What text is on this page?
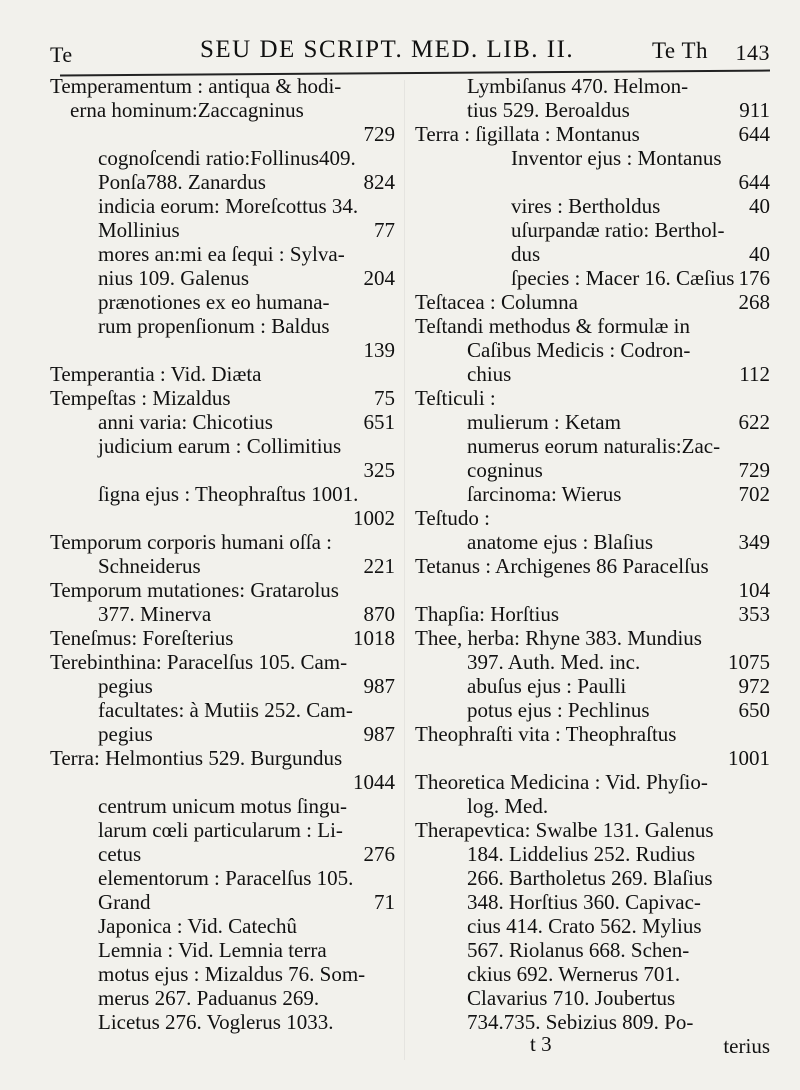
Te	SEU DE SCRIPT. MED. LIB. II.	Te Th 143
Temperamentum : antiqua & hodi-
erna hominum:Zaccagninus
729
cognoſcendi ratio:Follinus409.
Ponſa788. Zanardus	824
indicia eorum: Moreſcottus 34.
Mollinius	77
mores an:mi ea ſequi : Sylva-
nius 109. Galenus	204
prænotiones ex eo humana-
rum propenſionum : Baldus
139
Temperantia : Vid. Diæta
Tempeſtas : Mizaldus	75
anni varia: Chicotius	651
judicium earum : Collimitius
325
ſigna ejus : Theophraſtus 1001.
1002
Temporum corporis humani oſſa :
Schneiderus	221
Temporum mutationes: Gratarolus
377. Minerva	870
Teneſmus: Foreſterius	1018
Terebinthina: Paracelſus 105. Cam-
pegius	987
facultates: à Mutiis 252. Cam-
pegius	987
Terra: Helmontius 529. Burgundus
1044
centrum unicum motus ſingu-
larum cœli particularum : Li-
cetus	276
elementorum : Paracelſus 105.
Grand	71
Japonica : Vid. Catechû
Lemnia : Vid. Lemnia terra
motus ejus : Mizaldus 76. Som-
merus 267. Paduanus 269.
Licetus 276. Voglerus 1033.
Lymbiſanus 470. Helmon-
tius 529. Beroaldus	911
Terra : ſigillata : Montanus	644
Inventor ejus : Montanus
644
vires : Bertholdus	40
uſurpandæ ratio: Berthol-
dus	40
ſpecies : Macer 16. Cæſius 176
Teſtacea : Columna	268
Teſtandi methodus & formulæ in
Caſibus Medicis : Codron-
chius	112
Teſticuli :
mulierum : Ketam	622
numerus eorum naturalis:Zac-
cogninus	729
ſarcinoma: Wierus	702
Teſtudo :
anatome ejus : Blaſius	349
Tetanus : Archigenes 86 Paracelſus
104
Thapſia: Horſtius	353
Thee, herba: Rhyne 383. Mundius
397. Auth. Med. inc.	1075
abuſus ejus : Paulli	972
potus ejus : Pechlinus	650
Theophraſti vita : Theophraſtus
1001
Theoretica Medicina : Vid. Phyſio-
log. Med.
Therapevtica: Swalbe 131. Galenus
184. Liddelius 252. Rudius
266. Bartholetus 269. Blaſius
348. Horſtius 360. Capivac-
cius 414. Crato 562. Mylius
567. Riolanus 668. Schen-
ckius 692. Wernerus 701.
Clavarius 710. Joubertus
734.735. Sebizius 809. Po-
terius
t 3
